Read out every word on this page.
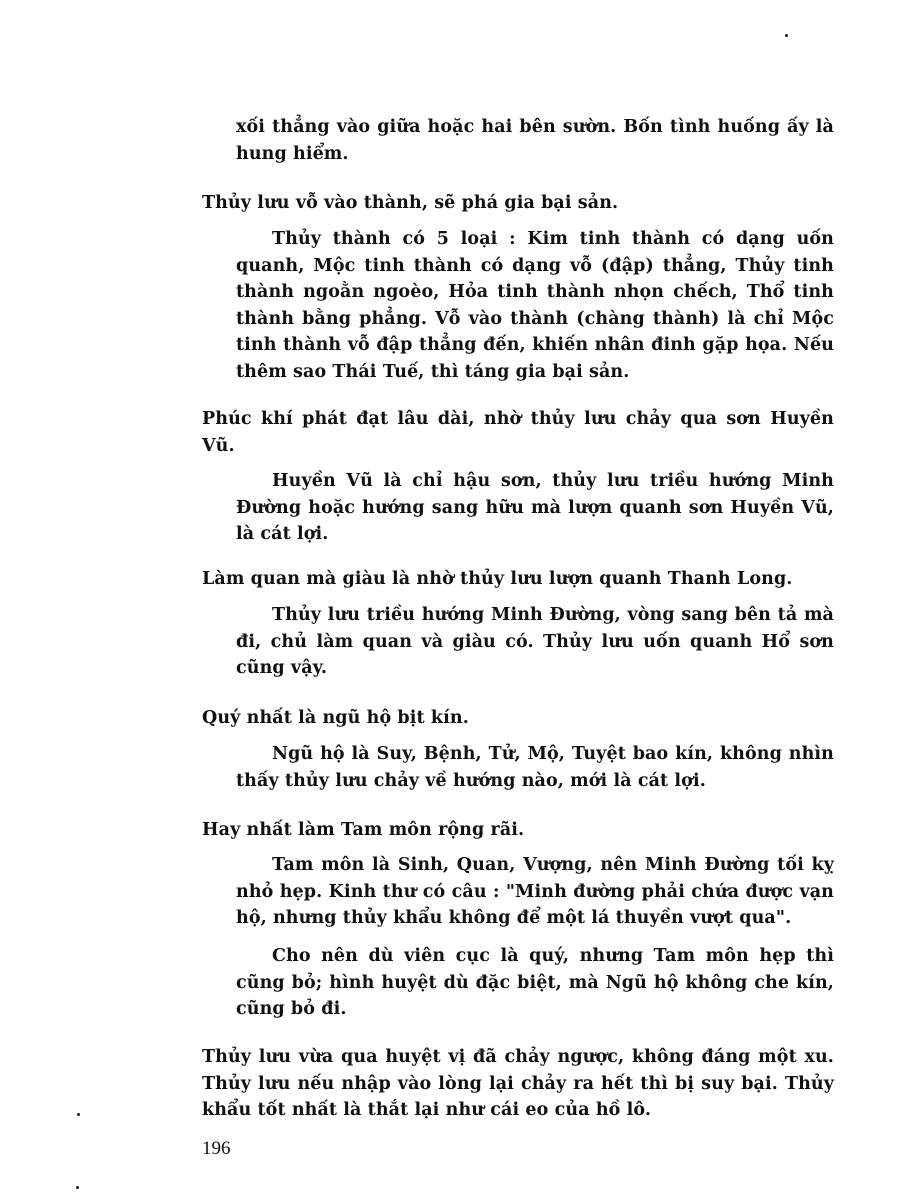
xối thẳng vào giữa hoặc hai bên sườn. Bốn tình huống ấy là hung hiểm.
Thủy lưu vỗ vào thành, sẽ phá gia bại sản.
Thủy thành có 5 loại : Kim tinh thành có dạng uốn quanh, Mộc tinh thành có dạng vỗ (đập) thẳng, Thủy tinh thành ngoằn ngoèo, Hỏa tinh thành nhọn chếch, Thổ tinh thành bằng phẳng. Vỗ vào thành (chàng thành) là chỉ Mộc tinh thành vỗ đập thẳng đến, khiến nhân đinh gặp họa. Nếu thêm sao Thái Tuế, thì táng gia bại sản.
Phúc khí phát đạt lâu dài, nhờ thủy lưu chảy qua sơn Huyền Vũ.
Huyền Vũ là chỉ hậu sơn, thủy lưu triều hướng Minh Đường hoặc hướng sang hữu mà lượn quanh sơn Huyền Vũ, là cát lợi.
Làm quan mà giàu là nhờ thủy lưu lượn quanh Thanh Long.
Thủy lưu triều hướng Minh Đường, vòng sang bên tả mà đi, chủ làm quan và giàu có. Thủy lưu uốn quanh Hổ sơn cũng vậy.
Quý nhất là ngũ hộ bịt kín.
Ngũ hộ là Suy, Bệnh, Tử, Mộ, Tuyệt bao kín, không nhìn thấy thủy lưu chảy về hướng nào, mới là cát lợi.
Hay nhất làm Tam môn rộng rãi.
Tam môn là Sinh, Quan, Vượng, nên Minh Đường tối kỵ nhỏ hẹp. Kinh thư có câu : "Minh đường phải chứa được vạn hộ, nhưng thủy khẩu không để một lá thuyền vượt qua".
Cho nên dù viên cục là quý, nhưng Tam môn hẹp thì cũng bỏ; hình huyệt dù đặc biệt, mà Ngũ hộ không che kín, cũng bỏ đi.
Thủy lưu vừa qua huyệt vị đã chảy ngược, không đáng một xu. Thủy lưu nếu nhập vào lòng lại chảy ra hết thì bị suy bại. Thủy khẩu tốt nhất là thắt lại như cái eo của hồ lô.
196
